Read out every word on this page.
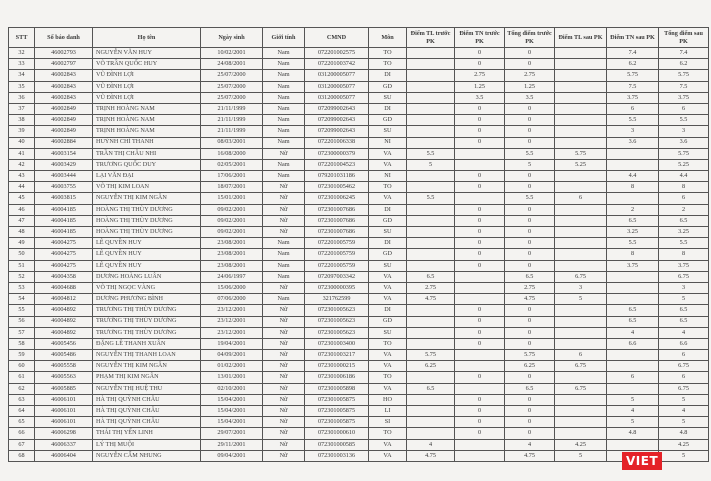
STT	Số báo danh	Họ tên	Ngày sinh	Giới tính	CMND	Môn	Điểm TL trước PK	Điểm TN trước PK	Tổng điểm trước PK	Điểm TL sau PK	Điểm TN sau PK	Tổng điểm sau PK
32	46002793	NGUYỄN VĂN HUY	10/02/2001	Nam	072201002575	TO		0	0		7.4	7.4
33	46002797	VÕ TRẦN QUỐC HUY	24/08/2001	Nam	072201003742	TO		0	0		6.2	6.2
34	46002843	VŨ ĐÌNH LỢI	25/07/2000	Nam	031200005077	DI		2.75	2.75		5.75	5.75
35	46002843	VŨ ĐÌNH LỢI	25/07/2000	Nam	031200005077	GD		1.25	1.25		7.5	7.5
36	46002843	VŨ ĐÌNH LỢI	25/07/2000	Nam	031200005077	SU		3.5	3.5		3.75	3.75
37	46002849	TRỊNH HOÀNG NAM	21/11/1999	Nam	072099002643	DI		0	0		6	6
38	46002849	TRỊNH HOÀNG NAM	21/11/1999	Nam	072099002643	GD		0	0		5.5	5.5
39	46002849	TRỊNH HOÀNG NAM	21/11/1999	Nam	072099002643	SU		0	0		3	3
40	46002884	HUỲNH CHÍ THANH	08/03/2001	Nam	072201006338	NI		0	0		3.6	3.6
41	46003154	TRẦN THỊ CHÂU NHI	16/08/2000	Nữ	072300000379	VA	5.5		5.5	5.75		5.75
42	46003429	TRƯƠNG QUỐC DUY	02/05/2001	Nam	072201004523	VA	5		5	5.25		5.25
43	46003444	LẠI VĂN ĐẠI	17/06/2001	Nam	079201031186	NI		0	0		4.4	4.4
44	46003755	VÕ THỊ KIM LOAN	18/07/2001	Nữ	072301005462	TO		0	0		8	8
45	46003815	NGUYỄN THỊ KIM NGÂN	15/01/2001	Nữ	072301006245	VA	5.5		5.5	6		6
46	46004185	HOÀNG THỊ THÙY DƯƠNG	09/02/2001	Nữ	072301007686	DI		0	0		2	2
47	46004185	HOÀNG THỊ THÙY DƯƠNG	09/02/2001	Nữ	072301007686	GD		0	0		6.5	6.5
48	46004185	HOÀNG THỊ THÙY DƯƠNG	09/02/2001	Nữ	072301007686	SU		0	0		3.25	3.25
49	46004275	LÊ QUYỀN HUY	23/08/2001	Nam	072201005759	DI		0	0		5.5	5.5
50	46004275	LÊ QUYỀN HUY	23/08/2001	Nam	072201005759	GD		0	0		8	8
51	46004275	LÊ QUYỀN HUY	23/08/2001	Nam	072201005759	SU		0	0		3.75	3.75
52	46004358	DƯƠNG HOÀNG LUÂN	24/06/1997	Nam	072097003342	VA	6.5		6.5	6.75		6.75
53	46004688	VÕ THỊ NGỌC VÀNG	15/06/2000	Nữ	072300000395	VA	2.75		2.75	3		3
54	46004812	DƯƠNG PHƯƠNG BÌNH	07/06/2000	Nam	321762599	VA	4.75		4.75	5		5
55	46004892	TRƯƠNG THỊ THÙY DƯƠNG	23/12/2001	Nữ	072301005623	DI		0	0		6.5	6.5
56	46004892	TRƯƠNG THỊ THÙY DƯƠNG	23/12/2001	Nữ	072301005623	GD		0	0		6.5	6.5
57	46004892	TRƯƠNG THỊ THÙY DƯƠNG	23/12/2001	Nữ	072301005623	SU		0	0		4	4
58	46005456	ĐẶNG LÊ THANH XUÂN	19/04/2001	Nữ	072301003400	TO		0	0		6.6	6.6
59	46005486	NGUYỄN THỊ THANH LOAN	04/09/2001	Nữ	072301003217	VA	5.75		5.75	6		6
60	46005558	NGUYỄN THỊ KIM NGÂN	01/02/2001	Nữ	072301000215	VA	6.25		6.25	6.75		6.75
61	46005563	PHẠM THỊ KIM NGÂN	13/01/2001	Nữ	072301006186	TO		0	0		6	6
62	46005885	NGUYỄN THỊ HUỆ THU	02/10/2001	Nữ	072301005898	VA	6.5		6.5	6.75		6.75
63	46006101	HÀ THỊ QUỲNH CHÂU	15/04/2001	Nữ	072301005875	HO		0	0		5	5
64	46006101	HÀ THỊ QUỲNH CHÂU	15/04/2001	Nữ	072301005875	LI		0	0		4	4
65	46006101	HÀ THỊ QUỲNH CHÂU	15/04/2001	Nữ	072301005875	SI		0	0		5	5
66	46006298	THÁI THỊ YẾN LINH	29/07/2001	Nữ	072301000610	TO		0	0		4.8	4.8
67	46006337	LÝ THỊ MUỘI	29/11/2001	Nữ	072301000585	VA	4		4	4.25		4.25
68	46006404	NGUYỄN CẨM NHUNG	09/04/2001	Nữ	072301003136	VA	4.75		4.75	5		5
VIET
